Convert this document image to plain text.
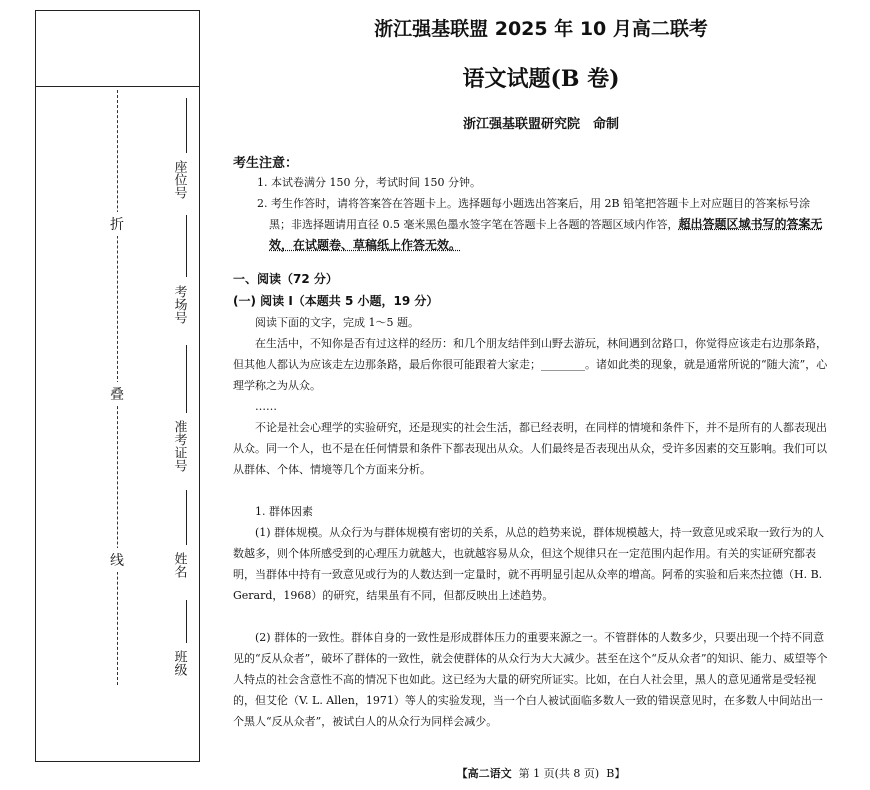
折
叠
线
座位号
考场号
准考证号
姓名
班级
浙江强基联盟 2025 年 10 月高二联考
语文试题(B 卷)
浙江强基联盟研究院　命制
考生注意：
1. 本试卷满分 150 分，考试时间 150 分钟。
2. 考生作答时，请将答案答在答题卡上。选择题每小题选出答案后，用 2B 铅笔把答题卡上对应题目的答案标号涂黑；非选择题请用直径 0.5 毫米黑色墨水签字笔在答题卡上各题的答题区域内作答，超出答题区域书写的答案无效，在试题卷、草稿纸上作答无效。
一、阅读（72 分）
(一) 阅读 I（本题共 5 小题，19 分）
阅读下面的文字，完成 1～5 题。
在生活中，不知你是否有过这样的经历：和几个朋友结伴到山野去游玩，林间遇到岔路口，你觉得应该走右边那条路，但其他人都认为应该走左边那条路，最后你很可能跟着大家走；________。诸如此类的现象，就是通常所说的“随大流”，心理学称之为从众。
……
不论是社会心理学的实验研究，还是现实的社会生活，都已经表明，在同样的情境和条件下，并不是所有的人都表现出从众。同一个人，也不是在任何情景和条件下都表现出从众。人们最终是否表现出从众，受许多因素的交互影响。我们可以从群体、个体、情境等几个方面来分析。
1. 群体因素
(1) 群体规模。从众行为与群体规模有密切的关系，从总的趋势来说，群体规模越大，持一致意见或采取一致行为的人数越多，则个体所感受到的心理压力就越大，也就越容易从众，但这个规律只在一定范围内起作用。有关的实证研究都表明，当群体中持有一致意见或行为的人数达到一定量时，就不再明显引起从众率的增高。阿希的实验和后来杰拉德（H. B. Gerard，1968）的研究，结果虽有不同，但都反映出上述趋势。
(2) 群体的一致性。群体自身的一致性是形成群体压力的重要来源之一。不管群体的人数多少，只要出现一个持不同意见的“反从众者”，破坏了群体的一致性，就会使群体的从众行为大大减少。甚至在这个“反从众者”的知识、能力、威望等个人特点的社会含意性不高的情况下也如此。这已经为大量的研究所证实。比如，在白人社会里，黑人的意见通常是受轻视的，但艾伦（V. L. Allen，1971）等人的实验发现，当一个白人被试面临多数人一致的错误意见时，在多数人中间站出一个黑人“反从众者”，被试白人的从众行为同样会减少。
【高二语文 第 1 页(共 8 页) B】
